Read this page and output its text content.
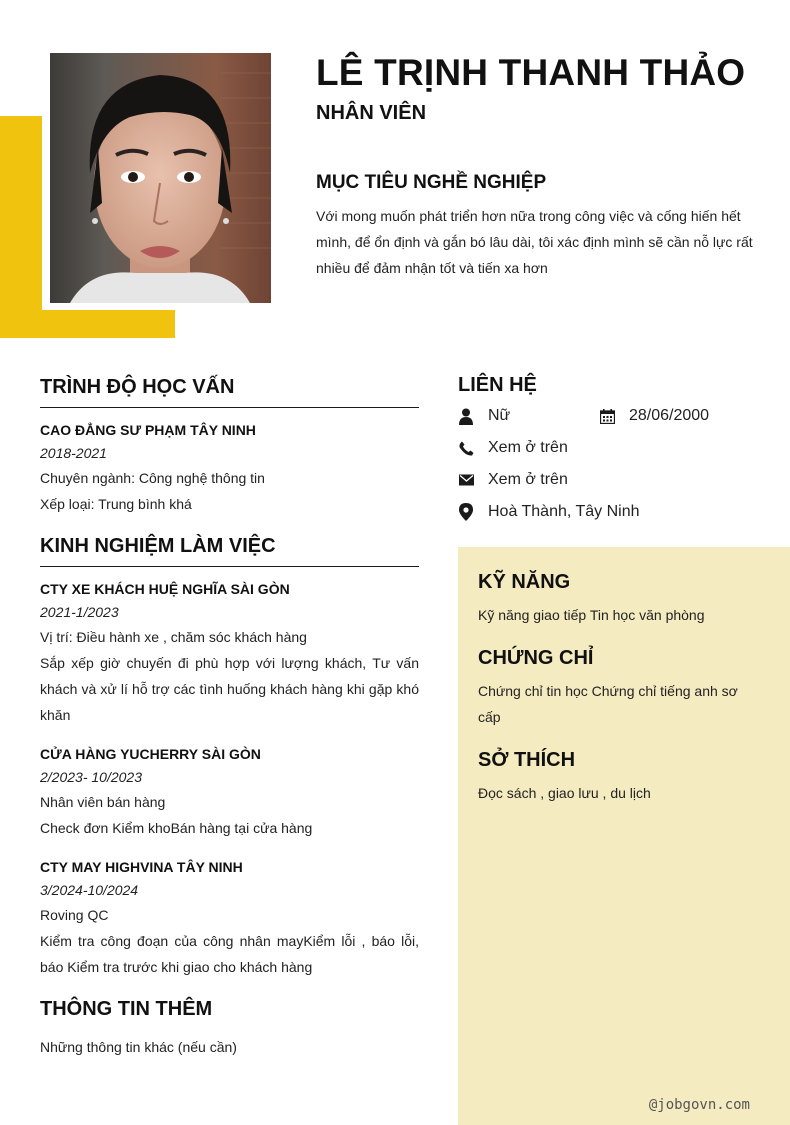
LÊ TRỊNH THANH THẢO
NHÂN VIÊN
MỤC TIÊU NGHỀ NGHIỆP
Với mong muốn phát triển hơn nữa trong công việc và cống hiến hết mình, để ổn định và gắn bó lâu dài, tôi xác định mình sẽ cần nỗ lực rất nhiều để đảm nhận tốt và tiến xa hơn
TRÌNH ĐỘ HỌC VẤN
CAO ĐẲNG SƯ PHẠM TÂY NINH
2018-2021
Chuyên ngành: Công nghệ thông tin
Xếp loại: Trung bình khá
KINH NGHIỆM LÀM VIỆC
CTY XE KHÁCH HUỆ NGHĨA SÀI GÒN
2021-1/2023
Vị trí: Điều hành xe , chăm sóc khách hàng
Sắp xếp giờ chuyến đi phù hợp với lượng khách, Tư vấn khách và xử lí hỗ trợ các tình huống khách hàng khi gặp khó khăn
CỬA HÀNG YUCHERRY SÀI GÒN
2/2023- 10/2023
Nhân viên bán hàng
Check đơn Kiểm khoBán hàng tại cửa hàng
CTY MAY HIGHVINA TÂY NINH
3/2024-10/2024
Roving QC
Kiểm tra công đoạn của công nhân mayKiểm lỗi , báo lỗi, báo Kiểm tra trước khi giao cho khách hàng
THÔNG TIN THÊM
Những thông tin khác (nếu cần)
LIÊN HỆ
Nữ	28/06/2000
Xem ở trên
Xem ở trên
Hoà Thành, Tây Ninh
KỸ NĂNG
Kỹ năng giao tiếp Tin học văn phòng
CHỨNG CHỈ
Chứng chỉ tin học Chứng chỉ tiếng anh sơ cấp
SỞ THÍCH
Đọc sách , giao lưu , du lịch
@jobgovn.com
